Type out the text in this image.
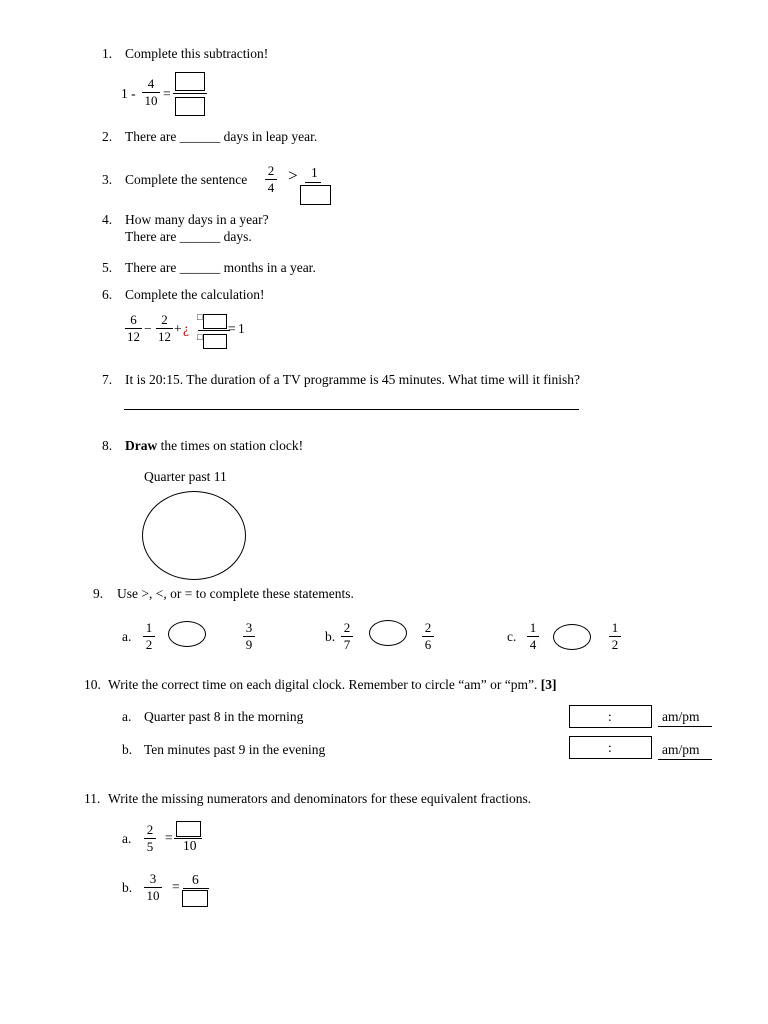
1. Complete this subtraction!
1 -
4
10 =
2. There are ______ days in leap year.
3. Complete the sentence
2
4
> 1
4. How many days in a year?
There are ______ days.
5. There are ______ months in a year.
6. Complete the calculation!
6
12
−
2
12
+ ¿
□
□
= 1
7. It is 20:15. The duration of a TV programme is 45 minutes. What time will it finish?
8. Draw the times on station clock!
Quarter past 11
9. Use >, <, or = to complete these statements.
a.
1
2
3
9
b.
2
7
2
6
c.
1
4
1
2
10. Write the correct time on each digital clock. Remember to circle “am” or “pm”. [3]
a. Quarter past 8 in the morning	:	am/pm
b. Ten minutes past 9 in the evening	:	am/pm
11. Write the missing numerators and denominators for these equivalent fractions.
a.
2
5
=
10
b.
3
10
= 6
